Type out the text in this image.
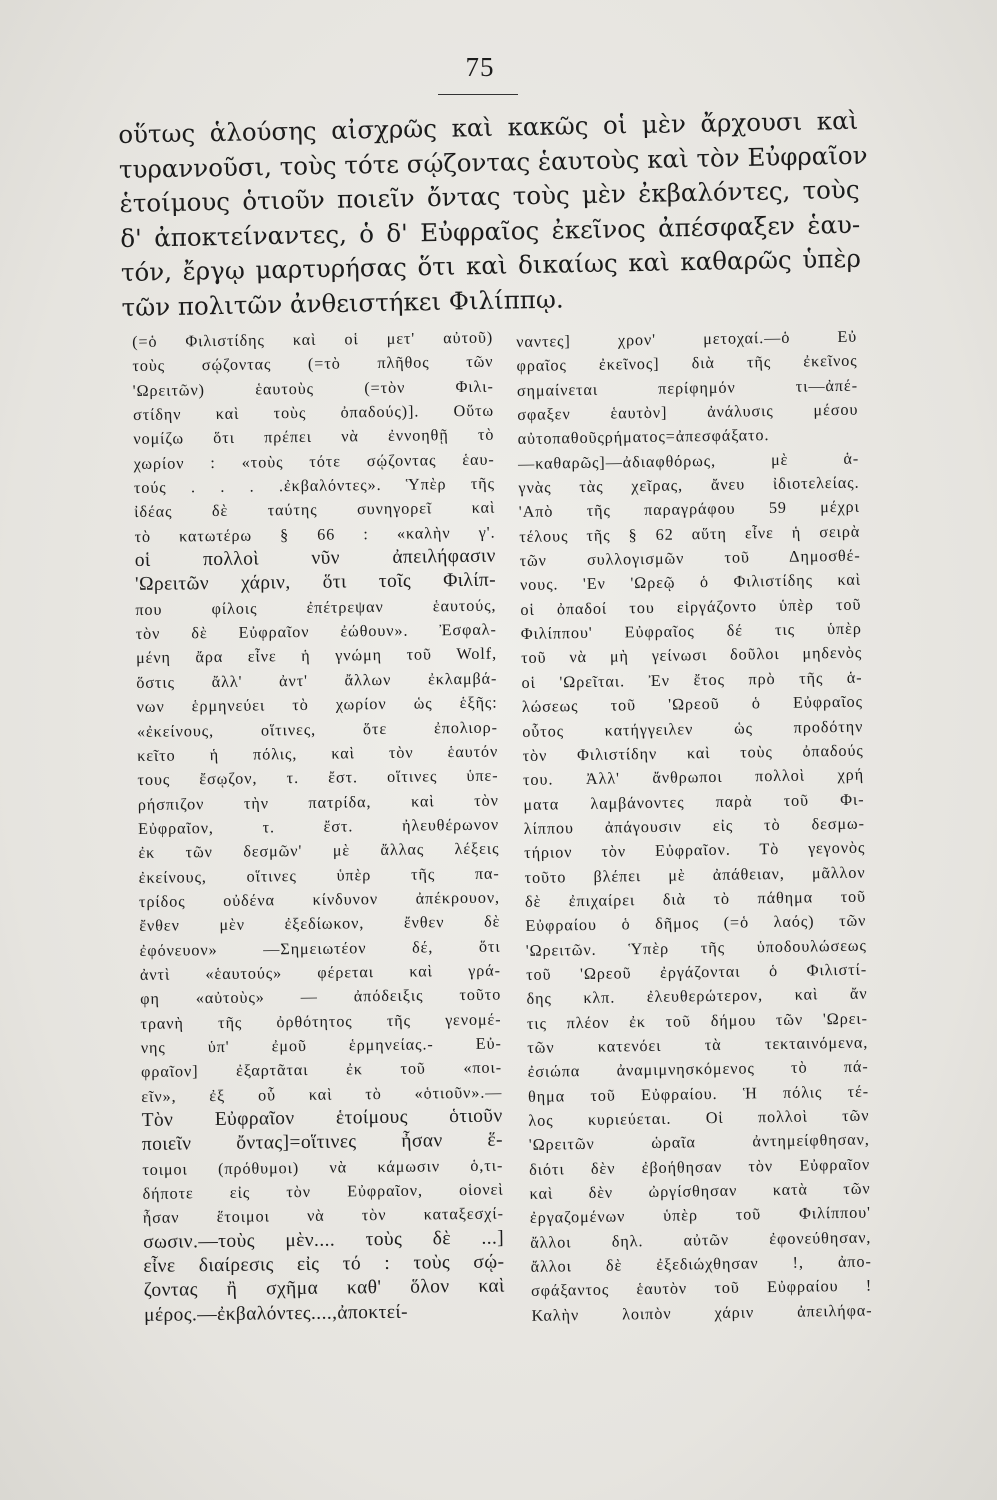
75
οὕτως ἁλούσης αἰσχρῶς καὶ κακῶς οἱ μὲν ἄρχουσι καὶ
τυραννοῦσι, τοὺς τότε σῴζοντας ἑαυτοὺς καὶ τὸν Εὐφραῖον
ἑτοίμους ὁτιοῦν ποιεῖν ὄντας τοὺς μὲν ἐκβαλόντες, τοὺς
δ' ἀποκτείναντες, ὁ δ' Εὐφραῖος ἐκεῖνος ἀπέσφαξεν ἑαυ-
τόν, ἔργῳ μαρτυρήσας ὅτι καὶ δικαίως καὶ καθαρῶς ὑπὲρ
τῶν πολιτῶν ἀνθειστήκει Φιλίππῳ.
(=ὁ Φιλιστίδης καὶ οἱ μετ' αὐτοῦ)
τοὺς σῴζοντας (=τὸ πλῆθος τῶν
'Ωρειτῶν) ἑαυτοὺς (=τὸν Φιλι-
στίδην καὶ τοὺς ὀπαδούς)]. Οὕτω
νομίζω ὅτι πρέπει νὰ ἐννοηθῇ τὸ
χωρίον : «τοὺς τότε σῴζοντας ἑαυ-
τούς . . . .ἐκβαλόντες». Ὑπὲρ τῆς
ἰδέας δὲ ταύτης συνηγορεῖ καὶ
τὸ κατωτέρω § 66 : «καλὴν γ'.
οἱ πολλοὶ νῦν ἀπειλήφασιν
'Ωρειτῶν χάριν, ὅτι τοῖς Φιλίπ-
που φίλοις ἐπέτρεψαν ἑαυτούς,
τὸν δὲ Εὐφραῖον ἐώθουν». Ἐσφαλ-
μένη ἄρα εἶνε ἡ γνώμη τοῦ Wolf,
ὅστις ἄλλ' ἀντ' ἄλλων ἐκλαμβά-
νων ἑρμηνεύει τὸ χωρίον ὡς ἑξῆς:
«ἐκείνους, οἵτινες, ὅτε ἐπολιορ-
κεῖτο ἡ πόλις, καὶ τὸν ἑαυτόν
τους ἔσῳζον, τ. ἔστ. οἵτινες ὑπε-
ρήσπιζον τὴν πατρίδα, καὶ τὸν
Εὐφραῖον, τ. ἔστ. ἠλευθέρωνον
ἐκ τῶν δεσμῶν' μὲ ἄλλας λέξεις
ἐκείνους, οἵτινες ὑπὲρ τῆς πα-
τρίδος οὐδένα κίνδυνον ἀπέκρουον,
ἔνθεν μὲν ἐξεδίωκον, ἔνθεν δὲ
ἐφόνευον» —Σημειωτέον δέ, ὅτι
ἀντὶ «ἑαυτούς» φέρεται καὶ γρά-
φη «αὐτοὺς» — ἀπόδειξις τοῦτο
τρανὴ τῆς ὀρθότητος τῆς γενομέ-
νης ὑπ' ἐμοῦ ἑρμηνείας.- Εὐ-
φραῖον] ἐξαρτᾶται ἐκ τοῦ «ποι-
εῖν», ἐξ οὗ καὶ τὸ «ὁτιοῦν».—
Τὸν Εὐφραῖον ἑτοίμους ὁτιοῦν
ποιεῖν ὄντας]=οἵτινες ἦσαν ἕ-
τοιμοι (πρόθυμοι) νὰ κάμωσιν ὁ,τι-
δήποτε εἰς τὸν Εὐφραῖον, οἱονεὶ
ἦσαν ἕτοιμοι νὰ τὸν καταξεσχί-
σωσιν.—τοὺς μὲν.... τοὺς δὲ ...]
εἶνε διαίρεσις εἰς τό : τοὺς σῴ-
ζοντας ἢ σχῆμα καθ' ὅλον καὶ
μέρος.—ἐκβαλόντες....,ἀποκτεί-
ναντες] χρον' μετοχαί.—ὁ Εὐ
φραῖος ἐκεῖνος] διὰ τῆς ἐκεῖνος
σημαίνεται περίφημόν τι—ἀπέ-
σφαξεν ἑαυτὸν] ἀνάλυσις μέσου
αὐτοπαθοῦςρήματος=ἀπεσφάξατο.
—καθαρῶς]—ἀδιαφθόρως, μὲ ἁ-
γνὰς τὰς χεῖρας, ἄνευ ἰδιοτελείας.
'Απὸ τῆς παραγράφου 59 μέχρι
τέλους τῆς § 62 αὕτη εἶνε ἡ σειρὰ
τῶν συλλογισμῶν τοῦ Δημοσθέ-
νους. 'Εν 'Ωρεῷ ὁ Φιλιστίδης καὶ
οἱ ὀπαδοί του εἰργάζοντο ὑπὲρ τοῦ
Φιλίππου' Εὐφραῖος δέ τις ὑπὲρ
τοῦ νὰ μὴ γείνωσι δοῦλοι μηδενὸς
οἱ 'Ωρεῖται. Ἐν ἔτος πρὸ τῆς ἁ-
λώσεως τοῦ 'Ωρεοῦ ὁ Εὐφραῖος
οὗτος κατήγγειλεν ὡς προδότην
τὸν Φιλιστίδην καὶ τοὺς ὀπαδούς
του. Ἀλλ' ἄνθρωποι πολλοὶ χρή
ματα λαμβάνοντες παρὰ τοῦ Φι-
λίππου ἀπάγουσιν εἰς τὸ δεσμω-
τήριον τὸν Εὐφραῖον. Τὸ γεγονὸς
τοῦτο βλέπει μὲ ἀπάθειαν, μᾶλλον
δὲ ἐπιχαίρει διὰ τὸ πάθημα τοῦ
Εὐφραίου ὁ δῆμος (=ὁ λαός) τῶν
'Ωρειτῶν. Ὑπὲρ τῆς ὑποδουλώσεως
τοῦ 'Ωρεοῦ ἐργάζονται ὁ Φιλιστί-
δης κλπ. ἐλευθερώτερον, καὶ ἄν
τις πλέον ἐκ τοῦ δήμου τῶν 'Ωρει-
τῶν κατενόει τὰ τεκταινόμενα,
ἐσιώπα ἀναμιμνησκόμενος τὸ πά-
θημα τοῦ Εὐφραίου. Ἡ πόλις τέ-
λος κυριεύεται. Οἱ πολλοὶ τῶν
'Ωρειτῶν ὡραῖα ἀντημείφθησαν,
διότι δὲν ἐβοήθησαν τὸν Εὐφραῖον
καὶ δὲν ὠργίσθησαν κατὰ τῶν
ἐργαζομένων ὑπὲρ τοῦ Φιλίππου'
ἄλλοι δηλ. αὐτῶν ἐφονεύθησαν,
ἄλλοι δὲ ἐξεδιώχθησαν !, ἀπο-
σφάξαντος ἑαυτὸν τοῦ Εὐφραίου !
Καλὴν λοιπὸν χάριν ἀπειλήφα-
